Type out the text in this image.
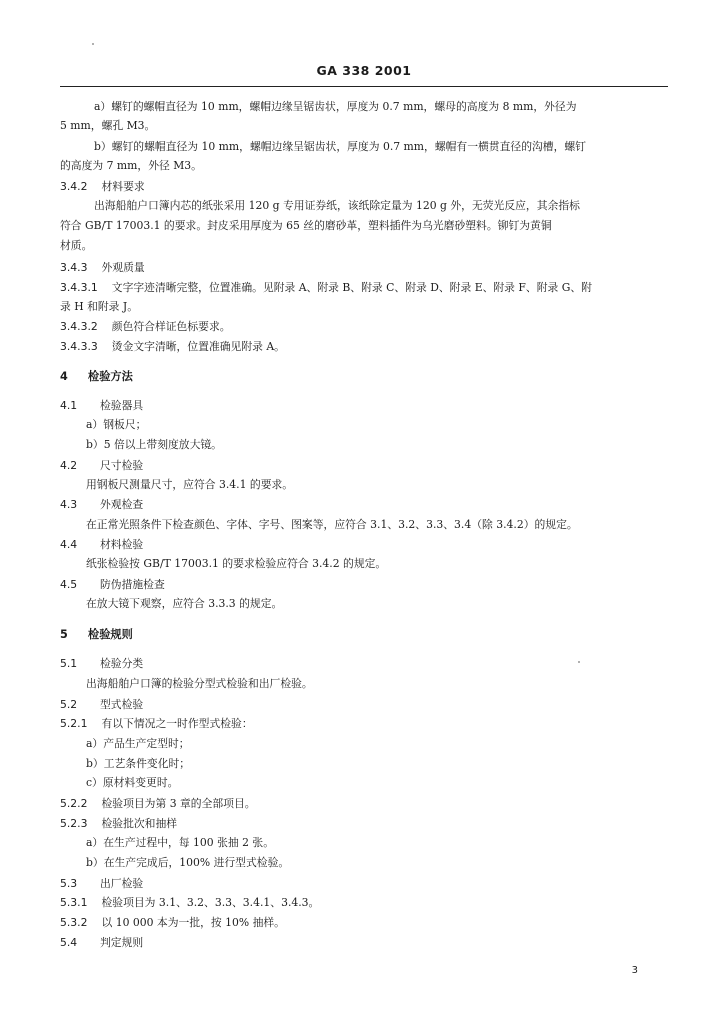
GA 338 2001
a）螺钉的螺帽直径为 10 mm，螺帽边缘呈锯齿状，厚度为 0.7 mm，螺母的高度为 8 mm，外径为
5 mm，螺孔 M3。
b）螺钉的螺帽直径为 10 mm，螺帽边缘呈锯齿状，厚度为 0.7 mm，螺帽有一横贯直径的沟槽，螺钉
的高度为 7 mm，外径 M3。
3.4.2 材料要求
出海船舶户口簿内芯的纸张采用 120 g 专用证券纸，该纸除定量为 120 g 外，无荧光反应，其余指标
符合 GB/T 17003.1 的要求。封皮采用厚度为 65 丝的磨砂革，塑料插件为乌光磨砂塑料。铆钉为黄铜
材质。
3.4.3 外观质量
3.4.3.1 文字字迹清晰完整，位置准确。见附录 A、附录 B、附录 C、附录 D、附录 E、附录 F、附录 G、附
录 H 和附录 J。
3.4.3.2 颜色符合样证色标要求。
3.4.3.3 烫金文字清晰，位置准确见附录 A。
4 检验方法
4.1 检验器具
a）钢板尺；
b）5 倍以上带刻度放大镜。
4.2 尺寸检验
用钢板尺测量尺寸，应符合 3.4.1 的要求。
4.3 外观检查
在正常光照条件下检查颜色、字体、字号、图案等，应符合 3.1、3.2、3.3、3.4（除 3.4.2）的规定。
4.4 材料检验
纸张检验按 GB/T 17003.1 的要求检验应符合 3.4.2 的规定。
4.5 防伪措施检查
在放大镜下观察，应符合 3.3.3 的规定。
5 检验规则
5.1 检验分类
出海船舶户口簿的检验分型式检验和出厂检验。
5.2 型式检验
5.2.1 有以下情况之一时作型式检验：
a）产品生产定型时；
b）工艺条件变化时；
c）原材料变更时。
5.2.2 检验项目为第 3 章的全部项目。
5.2.3 检验批次和抽样
a）在生产过程中，每 100 张抽 2 张。
b）在生产完成后，100% 进行型式检验。
5.3 出厂检验
5.3.1 检验项目为 3.1、3.2、3.3、3.4.1、3.4.3。
5.3.2 以 10 000 本为一批，按 10% 抽样。
5.4 判定规则
3
